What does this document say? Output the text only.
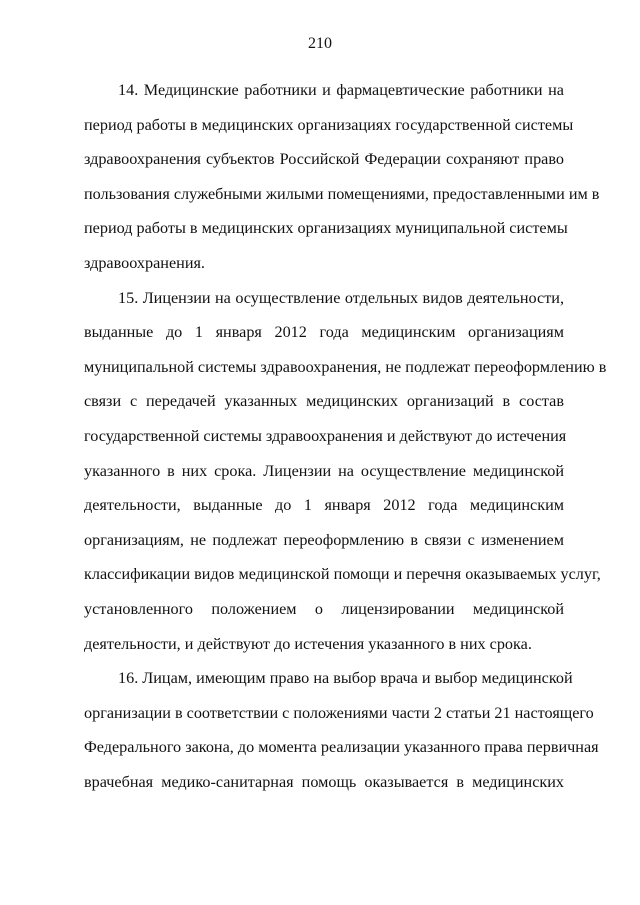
210
14. Медицинские работники и фармацевтические работники на
период работы в медицинских организациях государственной системы
здравоохранения субъектов Российской Федерации сохраняют право
пользования служебными жилыми помещениями, предоставленными им в
период работы в медицинских организациях муниципальной системы
здравоохранения.
15. Лицензии на осуществление отдельных видов деятельности,
выданные до 1 января 2012 года медицинским организациям
муниципальной системы здравоохранения, не подлежат переоформлению в
связи с передачей указанных медицинских организаций в состав
государственной системы здравоохранения и действуют до истечения
указанного в них срока. Лицензии на осуществление медицинской
деятельности, выданные до 1 января 2012 года медицинским
организациям, не подлежат переоформлению в связи с изменением
классификации видов медицинской помощи и перечня оказываемых услуг,
установленного положением о лицензировании медицинской
деятельности, и действуют до истечения указанного в них срока.
16. Лицам, имеющим право на выбор врача и выбор медицинской
организации в соответствии с положениями части 2 статьи 21 настоящего
Федерального закона, до момента реализации указанного права первичная
врачебная медико-санитарная помощь оказывается в медицинских
